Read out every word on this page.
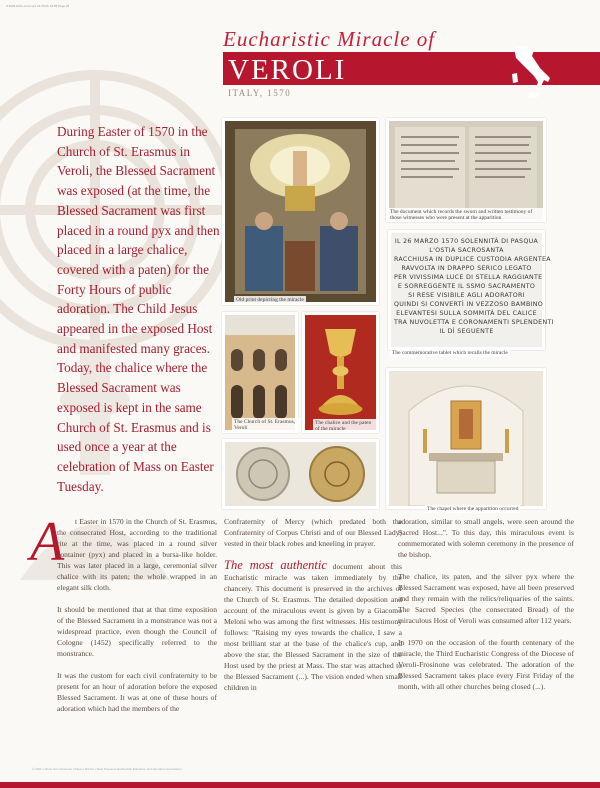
IT3005-ENG-verol.qxd 23-05-06 18:55 Page 25
Eucharistic Miracle of
VEROLI
ITALY, 1570
During Easter of 1570 in the Church of St. Erasmus in Veroli, the Blessed Sacrament was exposed (at the time, the Blessed Sacrament was first placed in a round pyx and then placed in a large chalice, covered with a paten) for the Forty Hours of public adoration. The Child Jesus appeared in the exposed Host and manifested many graces. Today, the chalice where the Blessed Sacrament was exposed is kept in the same Church of St. Erasmus and is used once a year at the celebration of Mass on Easter Tuesday.
Old print depicting the miracle
The document which records the sworn and written testimony of those witnesses who were present at the apparition
IL 26 MARZO 1570 SOLENNITÀ DI PASQUA
L'OSTIA SACROSANTA
RACCHIUSA IN DUPLICE CUSTODIA ARGENTEA
RAVVOLTA IN DRAPPO SERICO LEGATO
PER VIVISSIMA LUCE DI STELLA RAGGIANTE
E SORREGGENTE IL SSMO SACRAMENTO
SI RESE VISIBILE AGLI ADORATORI
QUINDI SI CONVERTÌ IN VEZZOSO BAMBINO
ELEVANTESI SULLA SOMMITÀ DEL CALICE
TRA NUVOLETTA E CORONAMENTI SPLENDENTI
IL DÌ SEGUENTE
The commemorative tablet which recalls the miracle
The Church of St. Erasmus, Veroli
The chalice and the paten of the miracle
The chapel where the apparition occurred
A	t Easter in 1570 in the Church of St. Erasmus, the consecrated Host, according to the traditional rite at the time, was placed in a round silver container (pyx) and placed in a bursa-like holder. This was later placed in a large, ceremonial silver chalice with its paten; the whole wrapped in an elegant silk cloth.

It should be mentioned that at that time exposition of the Blessed Sacrament in a monstrance was not a widespread practice, even though the Council of Cologne (1452) specifically referred to the monstrance.

It was the custom for each civil confraternity to be present for an hour of adoration before the exposed Blessed Sacrament. It was at one of these hours of adoration which had the members of the

Confraternity of Mercy (which predated both the Confraternity of Corpus Christi and of our Blessed Lady) vested in their black robes and kneeling in prayer.

The most authentic document about this Eucharistic miracle was taken immediately by the chancery. This document is preserved in the archives of the Church of St. Erasmus. The detailed deposition and account of the miraculous event is given by a Giacomo Meloni who was among the first witnesses. His testimony follows: "Raising my eyes towards the chalice, I saw a most brilliant star at the base of the chalice's cup, and above the star, the Blessed Sacrament in the size of the Host used by the priest at Mass. The star was attached to the Blessed Sacrament (...). The vision ended when small children in

adoration, similar to small angels, were seen around the Sacred Host...". To this day, this miraculous event is commemorated with solemn ceremony in the presence of the bishop.

The chalice, its paten, and the silver pyx where the Blessed Sacrament was exposed, have all been preserved and they remain with the relics/reliquaries of the saints. The Sacred Species (the consecrated Bread) of the miraculous Host of Veroli was consumed after 112 years.

In 1970 on the occasion of the fourth centenary of the miracle, the Third Eucharistic Congress of the Diocese of Veroli-Frosinone was celebrated. The adoration of the Blessed Sacrament takes place every First Friday of the month, with all other churches being closed (...).

© 2006, Istituto San Clemente I Papa e Martire | Real Presence Eucharistic Education and Adoration Association
